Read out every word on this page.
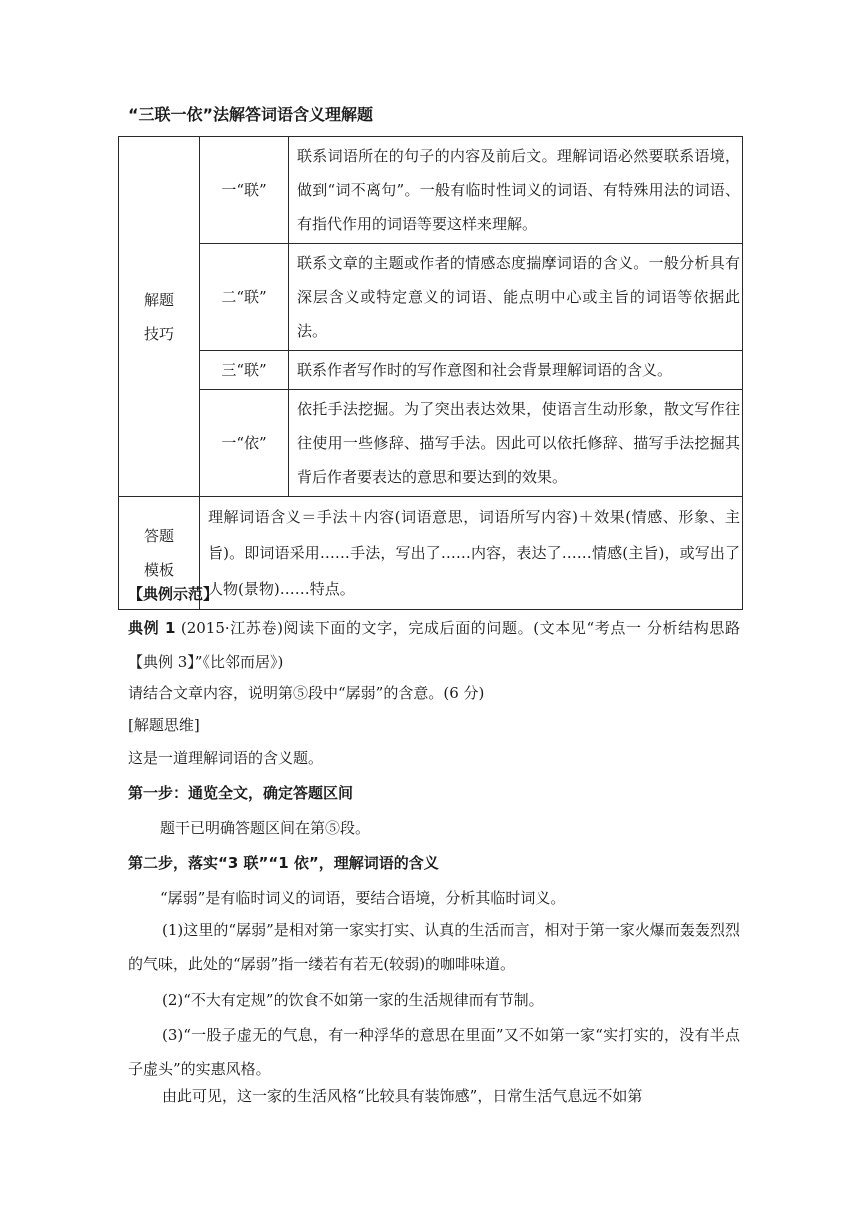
“三联一依”法解答词语含义理解题
解题
技巧	一“联”	联系词语所在的句子的内容及前后文。理解词语必然要联系语境，做到“词不离句”。一般有临时性词义的词语、有特殊用法的词语、有指代作用的词语等要这样来理解。
	二“联”	联系文章的主题或作者的情感态度揣摩词语的含义。一般分析具有深层含义或特定意义的词语、能点明中心或主旨的词语等依据此法。
	三“联”	联系作者写作时的写作意图和社会背景理解词语的含义。
	一“依”	依托手法挖掘。为了突出表达效果，使语言生动形象，散文写作往往使用一些修辞、描写手法。因此可以依托修辞、描写手法挖掘其背后作者要表达的意思和要达到的效果。

答题
模板	理解词语含义＝手法＋内容(词语意思，词语所写内容)＋效果(情感、形象、主旨)。即词语采用……手法，写出了……内容，表达了……情感(主旨)，或写出了人物(景物)……特点。	
【典例示范】
典例 1 (2015·江苏卷)阅读下面的文字，完成后面的问题。(文本见“考点一 分析结构思路【典例 3】”《比邻而居》)
请结合文章内容，说明第⑤段中“孱弱”的含意。(6 分)
[解题思维]
这是一道理解词语的含义题。
第一步：通览全文，确定答题区间
题干已明确答题区间在第⑤段。
第二步，落实“3 联”“1 依”，理解词语的含义
“孱弱”是有临时词义的词语，要结合语境，分析其临时词义。
(1)这里的“孱弱”是相对第一家实打实、认真的生活而言，相对于第一家火爆而轰轰烈烈的气味，此处的“孱弱”指一缕若有若无(较弱)的咖啡味道。
(2)“不大有定规”的饮食不如第一家的生活规律而有节制。
(3)“一股子虚无的气息，有一种浮华的意思在里面”又不如第一家“实打实的，没有半点子虚头”的实惠风格。
由此可见，这一家的生活风格“比较具有装饰感”，日常生活气息远不如第
